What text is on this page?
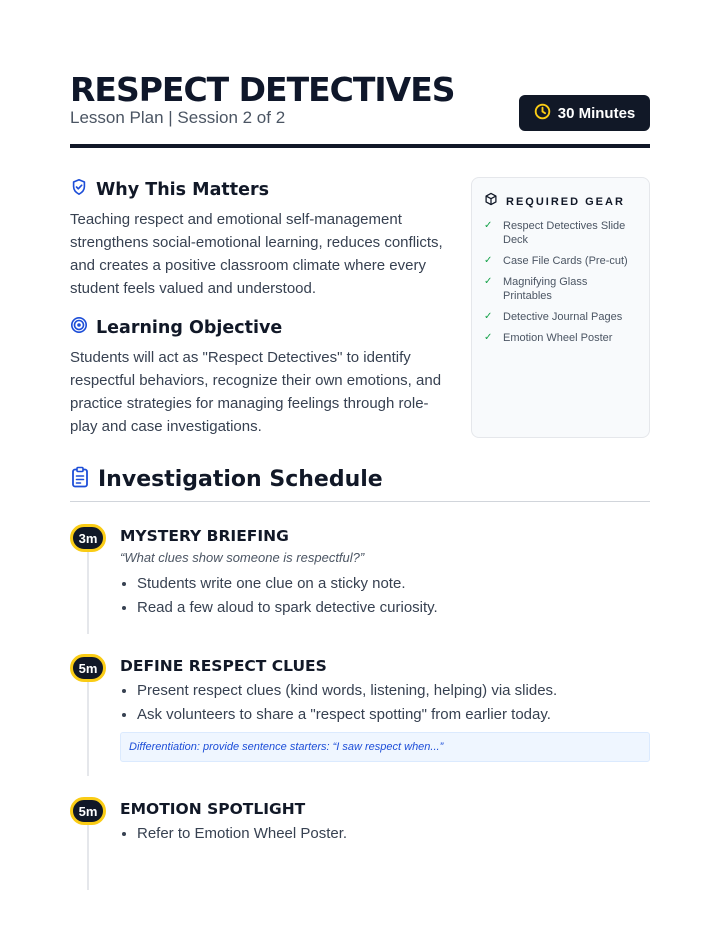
RESPECT DETECTIVES
Lesson Plan | Session 2 of 2	30 Minutes
Why This Matters

Teaching respect and emotional self-management strengthens social-emotional learning, reduces conflicts, and creates a positive classroom climate where every student feels valued and understood.

Learning Objective

Students will act as "Respect Detectives" to identify respectful behaviors, recognize their own emotions, and practice strategies for managing feelings through role-play and case investigations.

REQUIRED GEAR
✓ Respect Detectives Slide Deck
✓ Case File Cards (Pre-cut)
✓ Magnifying Glass Printables
✓ Detective Journal Pages
✓ Emotion Wheel Poster
Investigation Schedule
3m	MYSTERY BRIEFING
“What clues show someone is respectful?”
• Students write one clue on a sticky note.
• Read a few aloud to spark detective curiosity.
5m	DEFINE RESPECT CLUES
• Present respect clues (kind words, listening, helping) via slides.
• Ask volunteers to share a "respect spotting" from earlier today.
Differentiation: provide sentence starters: “I saw respect when...”
5m	EMOTION SPOTLIGHT
• Refer to Emotion Wheel Poster.
